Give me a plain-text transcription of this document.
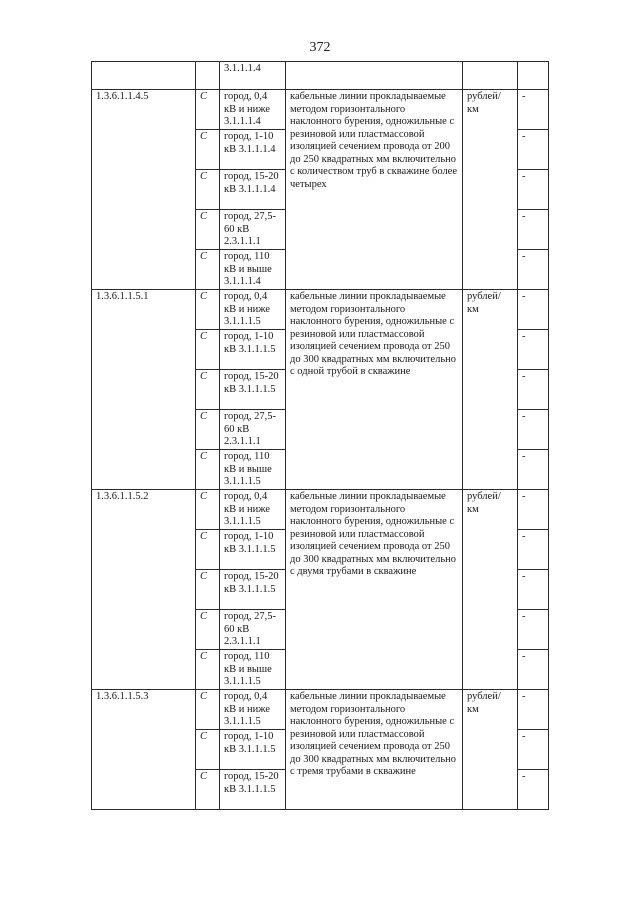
372
		3.1.1.1.4			
1.3.6.1.1.4.5	С	город, 0,4 кВ и ниже 3.1.1.1.4	кабельные линии прокладываемые методом горизонтального наклонного бурения, одножильные с резиновой или пластмассовой изоляцией сечением провода от 200 до 250 квадратных мм включительно с количеством труб в скважине более четырех	рублей/ км	-
	С	город, 1-10 кВ 3.1.1.1.4			-
	С	город, 15-20 кВ 3.1.1.1.4			-
	С	город, 27,5-60 кВ 2.3.1.1.1			-
	С	город, 110 кВ и выше 3.1.1.1.4			-
1.3.6.1.1.5.1	С	город, 0,4 кВ и ниже 3.1.1.1.5	кабельные линии прокладываемые методом горизонтального наклонного бурения, одножильные с резиновой или пластмассовой изоляцией сечением провода от 250 до 300 квадратных мм включительно с одной трубой в скважине	рублей/ км	-
	С	город, 1-10 кВ 3.1.1.1.5			-
	С	город, 15-20 кВ 3.1.1.1.5			-
	С	город, 27,5-60 кВ 2.3.1.1.1			-
	С	город, 110 кВ и выше 3.1.1.1.5			-
1.3.6.1.1.5.2	С	город, 0,4 кВ и ниже 3.1.1.1.5	кабельные линии прокладываемые методом горизонтального наклонного бурения, одножильные с резиновой или пластмассовой изоляцией сечением провода от 250 до 300 квадратных мм включительно с двумя трубами в скважине	рублей/ км	-
	С	город, 1-10 кВ 3.1.1.1.5			-
	С	город, 15-20 кВ 3.1.1.1.5			-
	С	город, 27,5-60 кВ 2.3.1.1.1			-
	С	город, 110 кВ и выше 3.1.1.1.5			-
1.3.6.1.1.5.3	С	город, 0,4 кВ и ниже 3.1.1.1.5	кабельные линии прокладываемые методом горизонтального наклонного бурения, одножильные с резиновой или пластмассовой изоляцией сечением провода от 250 до 300 квадратных мм включительно с тремя трубами в скважине	рублей/ км	-
	С	город, 1-10 кВ 3.1.1.1.5			-
	С	город, 15-20 кВ 3.1.1.1.5			-
